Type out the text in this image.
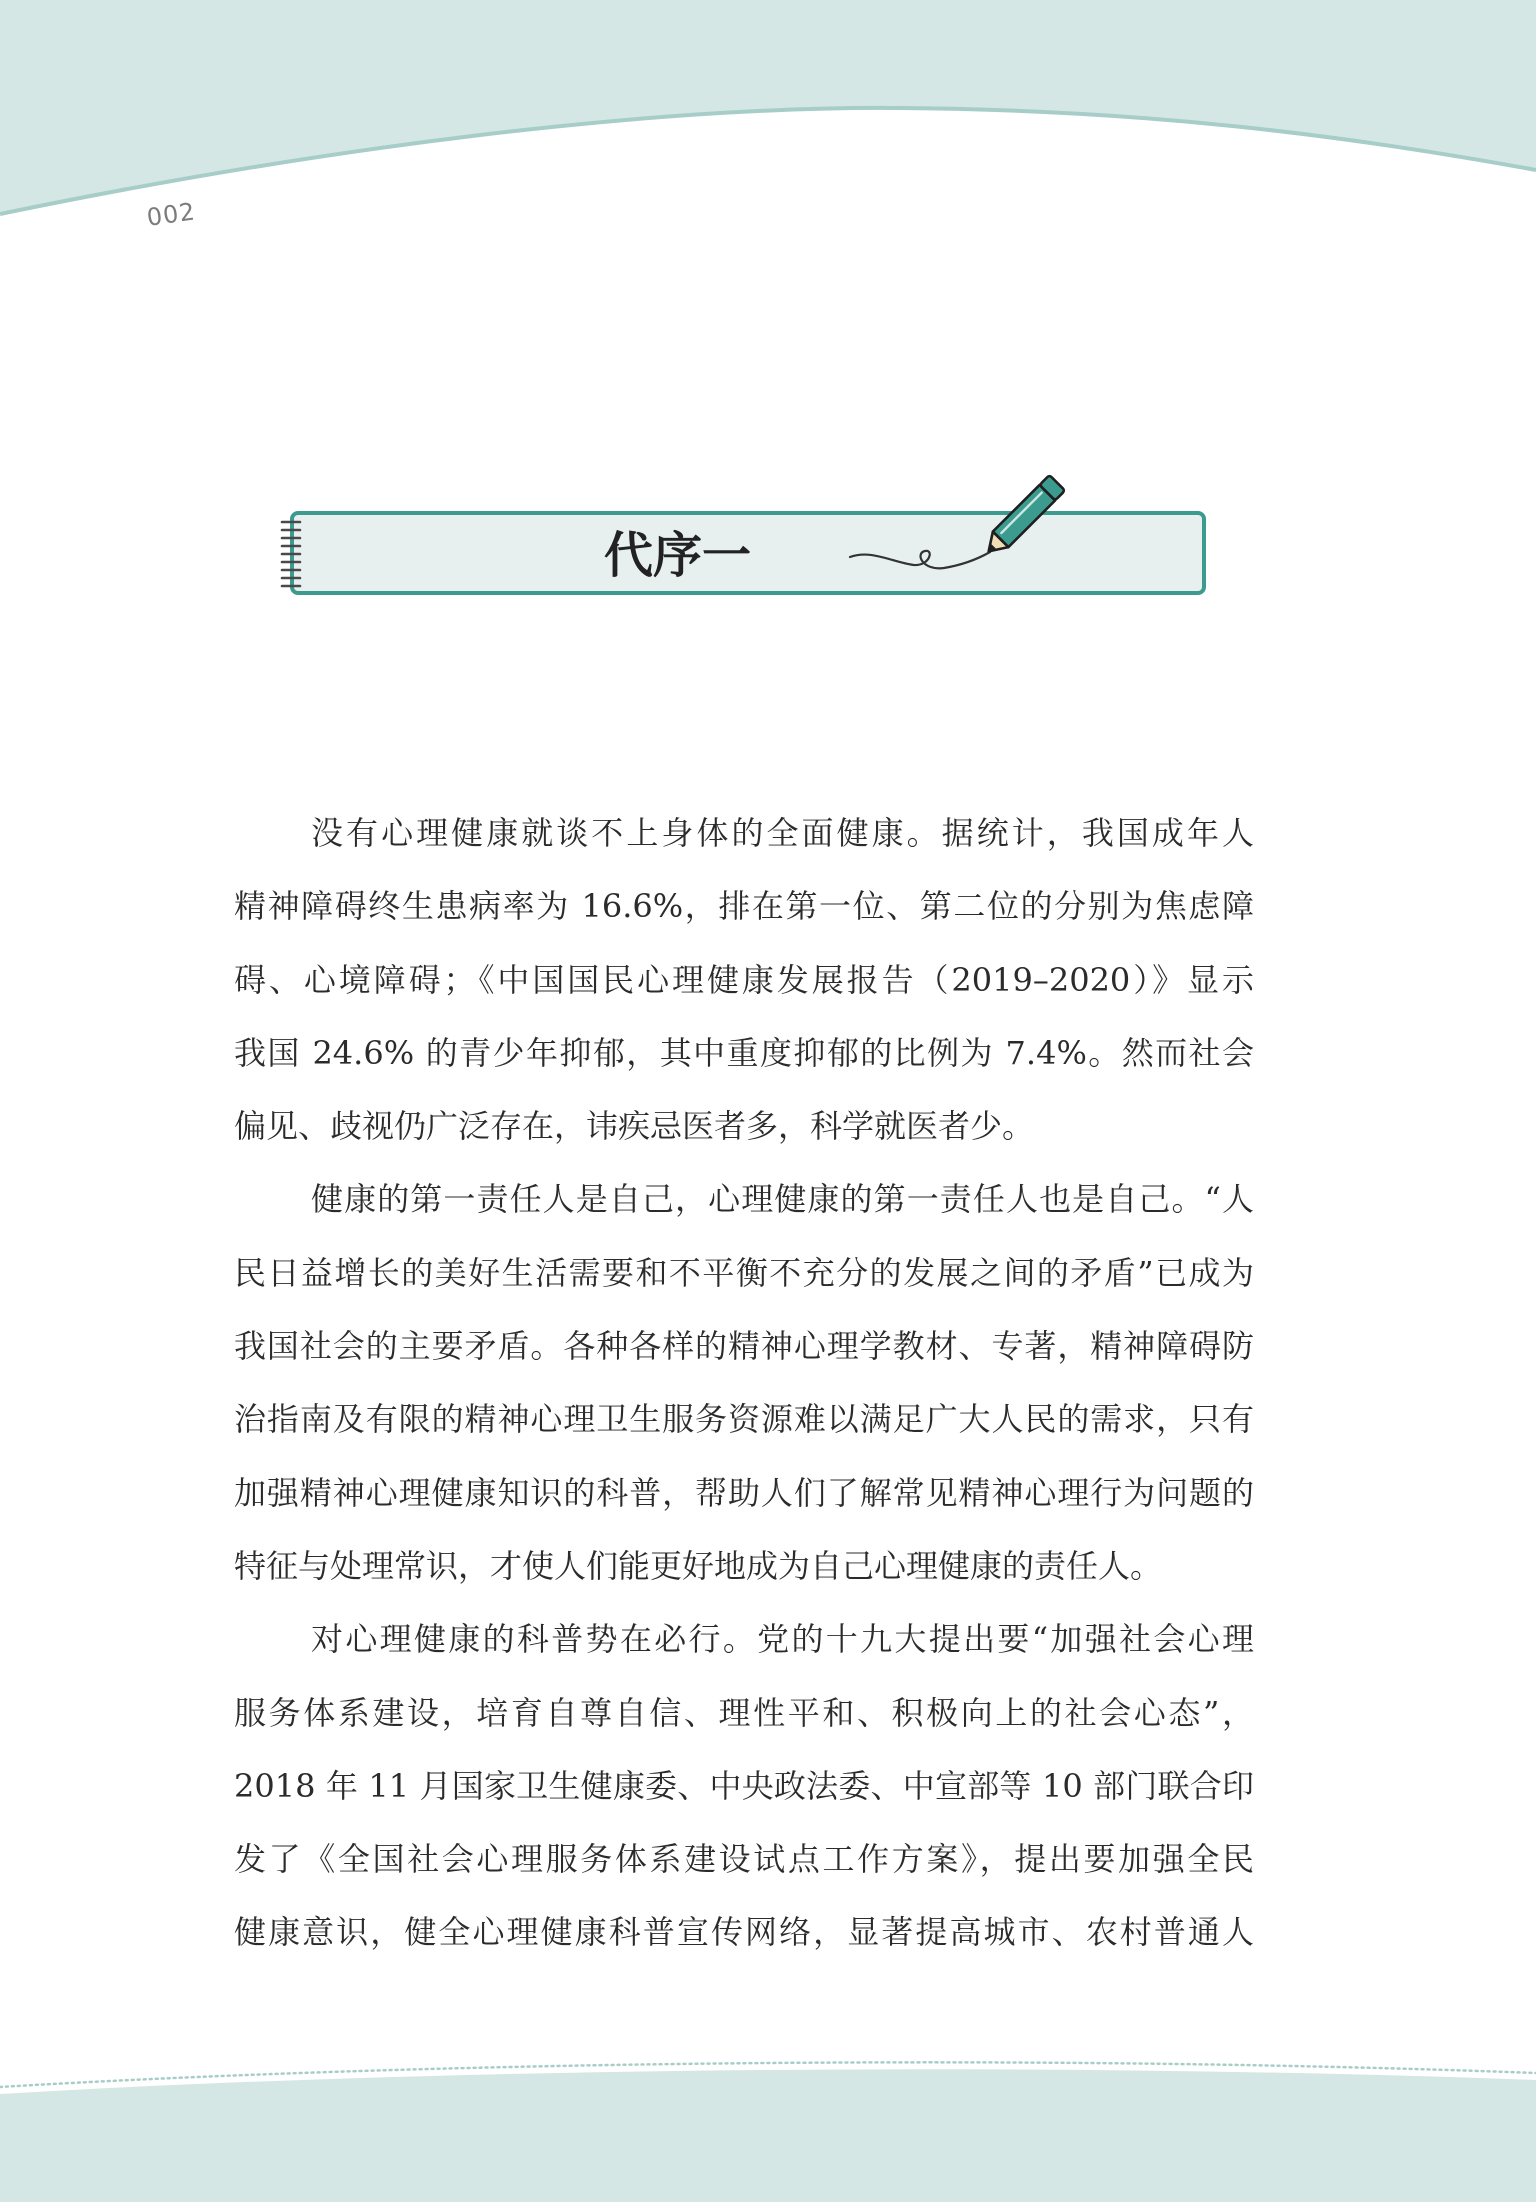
002
代序一
没有心理健康就谈不上身体的全面健康。据统计，我国成年人
精神障碍终生患病率为 16.6%，排在第一位、第二位的分别为焦虑障
碍、心境障碍；《中国国民心理健康发展报告（2019–2020）》显示
我国 24.6% 的青少年抑郁，其中重度抑郁的比例为 7.4%。然而社会
偏见、歧视仍广泛存在，讳疾忌医者多，科学就医者少。
健康的第一责任人是自己，心理健康的第一责任人也是自己。“人
民日益增长的美好生活需要和不平衡不充分的发展之间的矛盾”已成为
我国社会的主要矛盾。各种各样的精神心理学教材、专著，精神障碍防
治指南及有限的精神心理卫生服务资源难以满足广大人民的需求，只有
加强精神心理健康知识的科普，帮助人们了解常见精神心理行为问题的
特征与处理常识，才使人们能更好地成为自己心理健康的责任人。
对心理健康的科普势在必行。党的十九大提出要“加强社会心理
服务体系建设，培育自尊自信、理性平和、积极向上的社会心态”，
2018 年 11 月国家卫生健康委、中央政法委、中宣部等 10 部门联合印
发了《全国社会心理服务体系建设试点工作方案》，提出要加强全民
健康意识，健全心理健康科普宣传网络，显著提高城市、农村普通人
